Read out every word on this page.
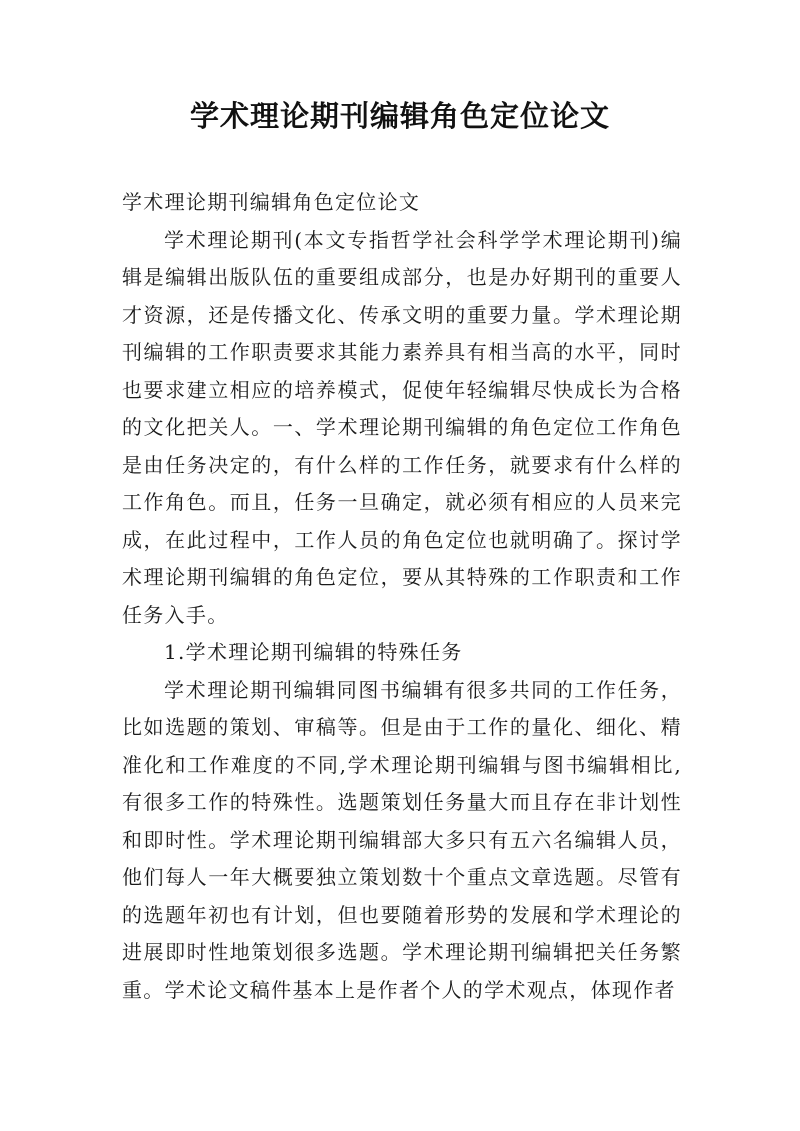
学术理论期刊编辑角色定位论文

学术理论期刊编辑角色定位论文

学术理论期刊(本文专指哲学社会科学学术理论期刊)编辑是编辑出版队伍的重要组成部分，也是办好期刊的重要人才资源，还是传播文化、传承文明的重要力量。学术理论期刊编辑的工作职责要求其能力素养具有相当高的水平，同时也要求建立相应的培养模式，促使年轻编辑尽快成长为合格的文化把关人。一、学术理论期刊编辑的角色定位工作角色是由任务决定的，有什么样的工作任务，就要求有什么样的工作角色。而且，任务一旦确定，就必须有相应的人员来完成，在此过程中，工作人员的角色定位也就明确了。探讨学术理论期刊编辑的角色定位，要从其特殊的工作职责和工作任务入手。

1.学术理论期刊编辑的特殊任务

学术理论期刊编辑同图书编辑有很多共同的工作任务，比如选题的策划、审稿等。但是由于工作的量化、细化、精准化和工作难度的不同,学术理论期刊编辑与图书编辑相比,有很多工作的特殊性。选题策划任务量大而且存在非计划性和即时性。学术理论期刊编辑部大多只有五六名编辑人员，他们每人一年大概要独立策划数十个重点文章选题。尽管有的选题年初也有计划，但也要随着形势的发展和学术理论的进展即时性地策划很多选题。学术理论期刊编辑把关任务繁重。学术论文稿件基本上是作者个人的学术观点，体现作者
